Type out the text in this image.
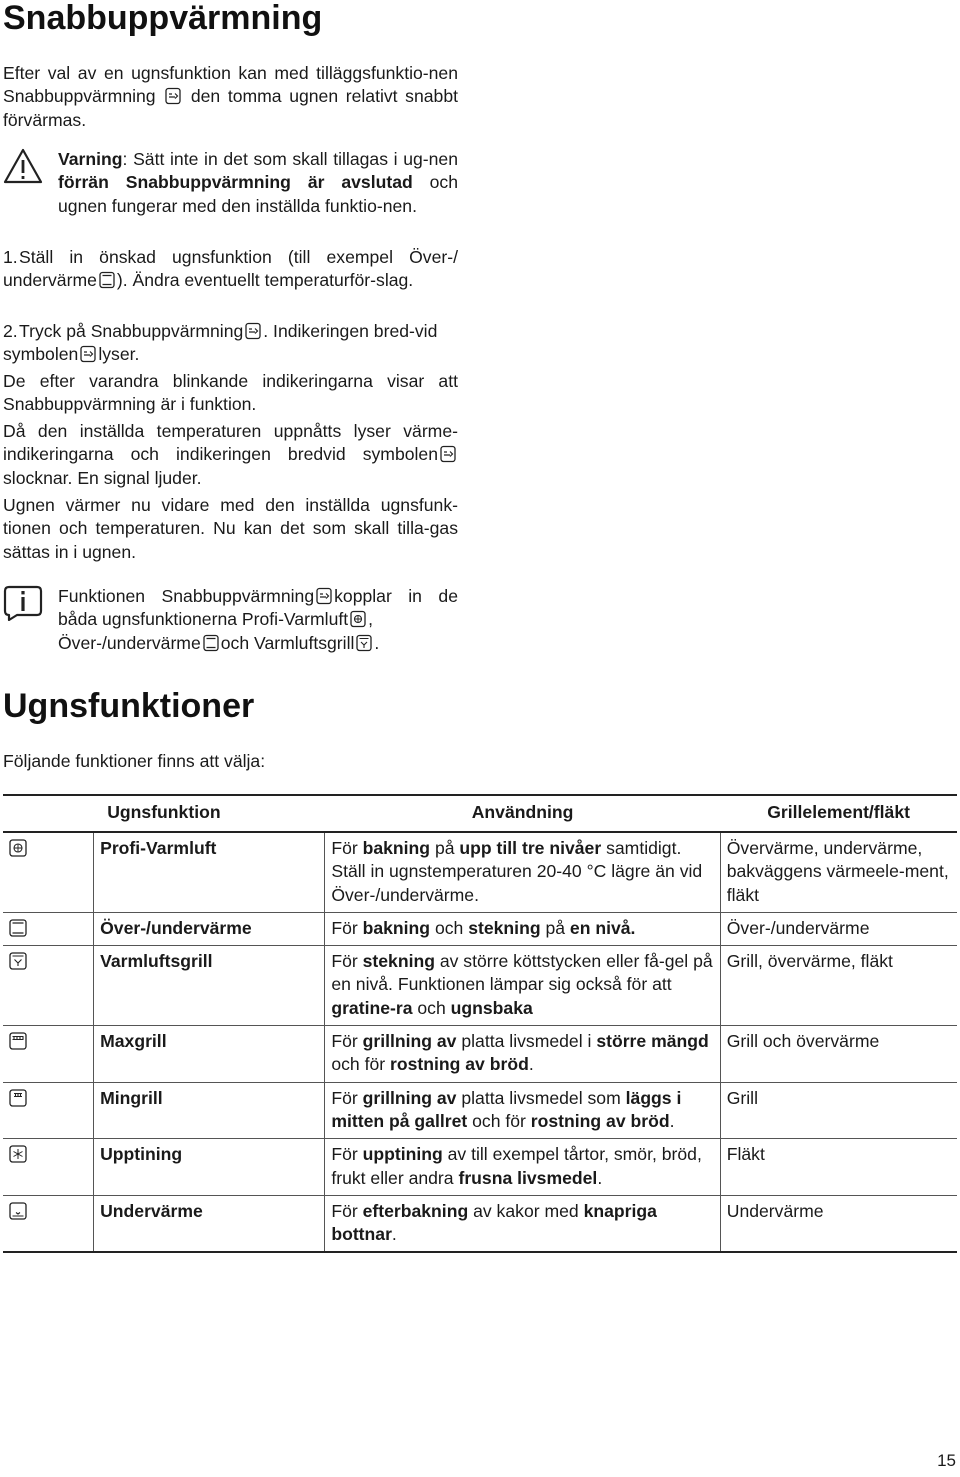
Snabbuppvärmning

Efter val av en ugnsfunktion kan med tilläggsfunktio-nen Snabbuppvärmning den tomma ugnen relativt snabbt förvärmas.

Varning: Sätt inte in det som skall tillagas i ug-nen förrän Snabbuppvärmning är avslutad och ugnen fungerar med den inställda funktio-nen.

1.Ställ in önskad ugnsfunktion (till exempel Över-/ undervärme ). Ändra eventuellt temperaturför-slag.

2.Tryck på Snabbuppvärmning . Indikeringen bred-vid symbolen lyser.

De efter varandra blinkande indikeringarna visar att Snabbuppvärmning är i funktion.

Då den inställda temperaturen uppnåtts lyser värme-indikeringarna och indikeringen bredvid symbolen
slocknar. En signal ljuder.

Ugnen värmer nu vidare med den inställda ugnsfunk-tionen och temperaturen. Nu kan det som skall tilla-gas sättas in i ugnen.

Funktionen Snabbuppvärmning kopplar in de båda ugnsfunktionerna Profi-Varmluft ,
Över-/undervärme och Varmluftsgrill .

Ugnsfunktioner

Följande funktioner finns att välja:

Ugnsfunktion		Användning	Grillelement/fläkt

	Profi-Varmluft	För bakning på upp till tre nivåer samtidigt. Ställ in ugnstemperaturen 20-40 °C lägre än vid Över-/undervärme.	Övervärme, undervärme, bakväggens värmeele-ment, fläkt

	Över-/undervärme	För bakning och stekning på en nivå.	Över-/undervärme

	Varmluftsgrill	För stekning av större köttstycken eller få-gel på en nivå. Funktionen lämpar sig också för att gratine-ra och ugnsbaka	Grill, övervärme, fläkt

	Maxgrill	För grillning av platta livsmedel i större mängd och för rostning av bröd.	Grill och övervärme

	Mingrill	För grillning av platta livsmedel som läggs i mitten på gallret och för rostning av bröd.	Grill

	Upptining	För upptining av till exempel tårtor, smör, bröd, frukt eller andra frusna livsmedel.	Fläkt

	Undervärme	För efterbakning av kakor med knapriga bottnar.	Undervärme
15
